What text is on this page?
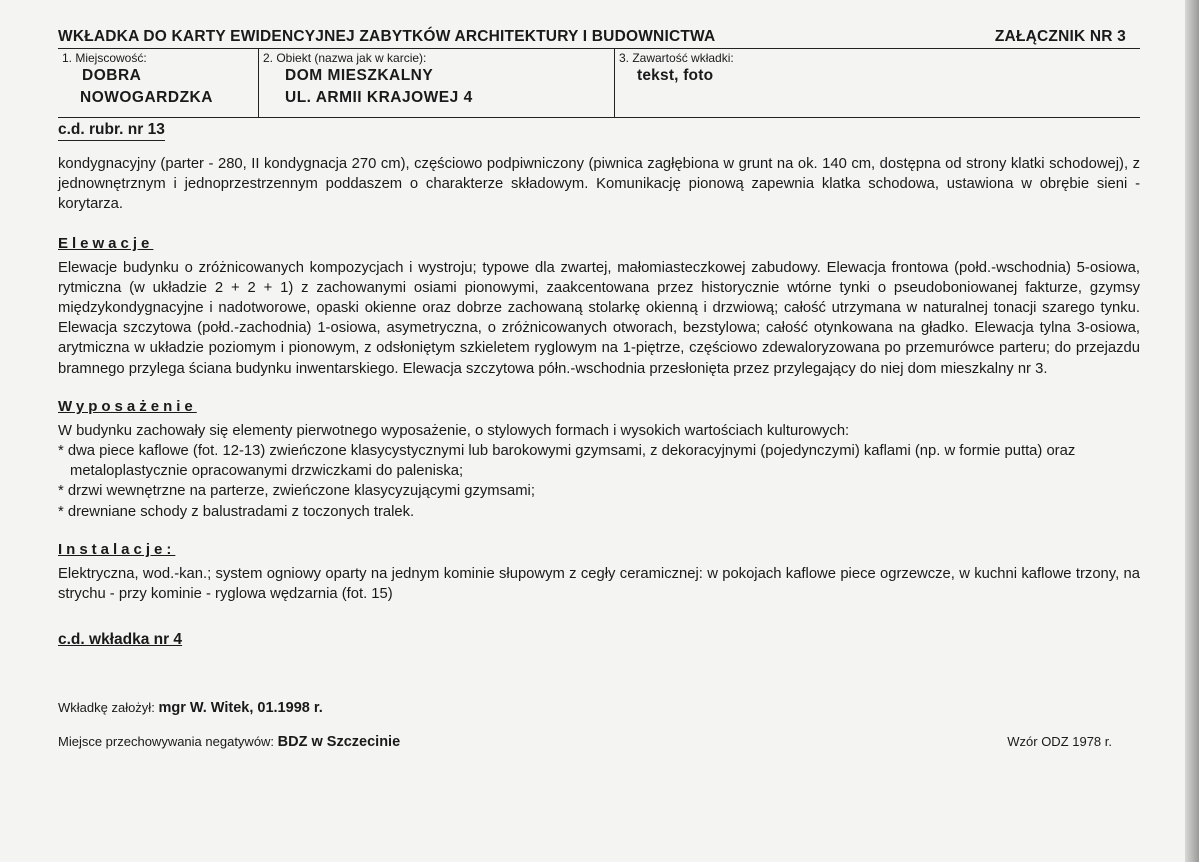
WKŁADKA DO KARTY EWIDENCYJNEJ ZABYTKÓW ARCHITEKTURY I BUDOWNICTWA	ZAŁĄCZNIK NR 3
1. Miejscowość:
DOBRA
NOWOGARDZKA
2. Obiekt (nazwa jak w karcie):
DOM MIESZKALNY
UL. ARMII KRAJOWEJ 4
3. Zawartość wkładki:
tekst, foto
c.d. rubr. nr 13

kondygnacyjny (parter - 280, II kondygnacja 270 cm), częściowo podpiwniczony (piwnica zagłębiona w grunt na ok. 140 cm, dostępna od strony klatki schodowej), z jednownętrznym i jednoprzestrzennym poddaszem o charakterze składowym. Komunikację pionową zapewnia klatka schodowa, ustawiona w obrębie sieni - korytarza.

Elewacje

Elewacje budynku o zróżnicowanych kompozycjach i wystroju; typowe dla zwartej, małomiasteczkowej zabudowy. Elewacja frontowa (połd.-wschodnia) 5-osiowa, rytmiczna (w układzie 2 + 2 + 1) z zachowanymi osiami pionowymi, zaakcentowana przez historycznie wtórne tynki o pseudoboniowanej fakturze, gzymsy międzykondygnacyjne i nadotworowe, opaski okienne oraz dobrze zachowaną stolarkę okienną i drzwiową; całość utrzymana w naturalnej tonacji szarego tynku. Elewacja szczytowa (połd.-zachodnia) 1-osiowa, asymetryczna, o zróżnicowanych otworach, bezstylowa; całość otynkowana na gładko. Elewacja tylna 3-osiowa, arytmiczna w układzie poziomym i pionowym, z odsłoniętym szkieletem ryglowym na 1-piętrze, częściowo zdewaloryzowana po przemurówce parteru; do przejazdu bramnego przylega ściana budynku inwentarskiego. Elewacja szczytowa półn.-wschodnia przesłonięta przez przylegający do niej dom mieszkalny nr 3.

Wyposażenie

W budynku zachowały się elementy pierwotnego wyposażenie, o stylowych formach i wysokich wartościach kulturowych:

* dwa piece kaflowe (fot. 12-13) zwieńczone klasycystycznymi lub barokowymi gzymsami, z dekoracyjnymi (pojedynczymi) kaflami (np. w formie putta) oraz metaloplastycznie opracowanymi drzwiczkami do paleniska;
* drzwi wewnętrzne na parterze, zwieńczone klasycyzującymi gzymsami;
* drewniane schody z balustradami z toczonych tralek.
Instalacje:

Elektryczna, wod.-kan.; system ogniowy oparty na jednym kominie słupowym z cegły ceramicznej: w pokojach kaflowe piece ogrzewcze, w kuchni kaflowe trzony, na strychu - przy kominie - ryglowa wędzarnia (fot. 15)

c.d. wkładka nr 4
Wkładkę założył: mgr W. Witek, 01.1998 r.
Miejsce przechowywania negatywów: BDZ w Szczecinie	Wzór ODZ 1978 r.
